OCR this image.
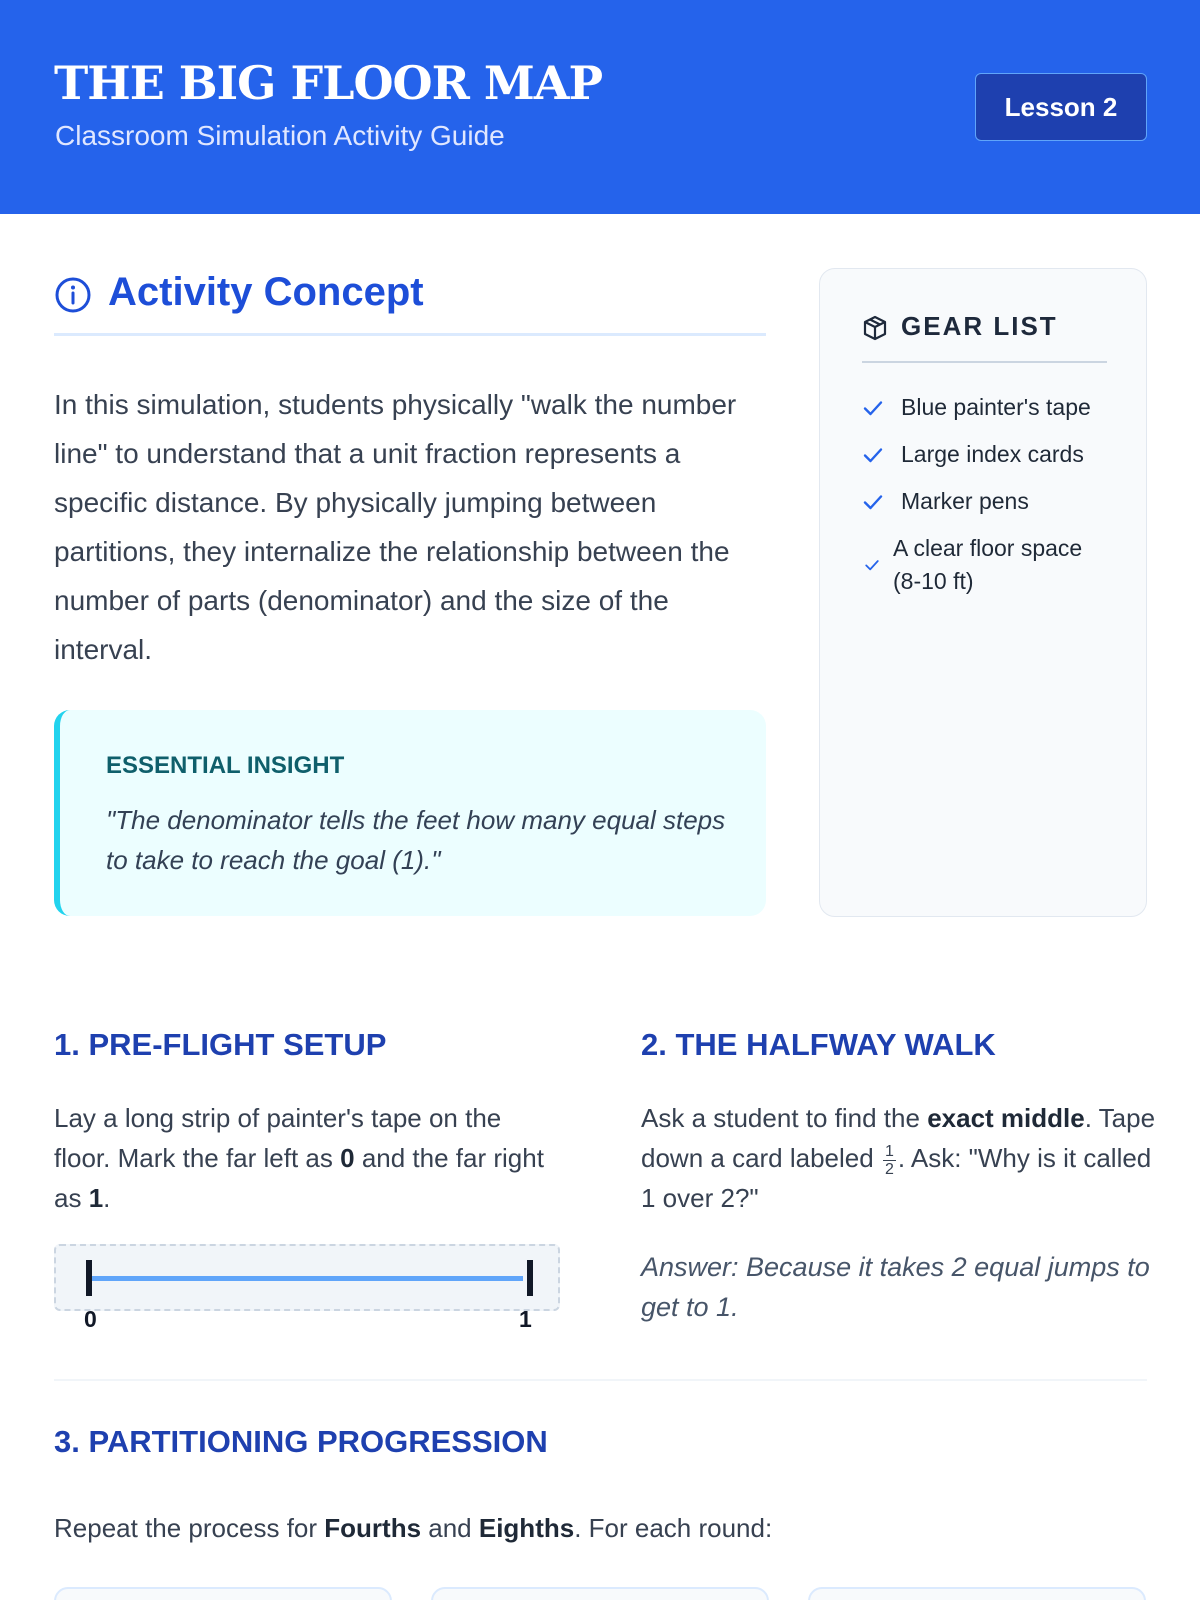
THE BIG FLOOR MAP
Classroom Simulation Activity Guide
Lesson 2
Activity Concept

In this simulation, students physically "walk the number line" to understand that a unit fraction represents a specific distance. By physically jumping between partitions, they internalize the relationship between the number of parts (denominator) and the size of the interval.

ESSENTIAL INSIGHT
"The denominator tells the feet how many equal steps to take to reach the goal (1)."
GEAR LIST
Blue painter's tape
Large index cards
Marker pens
A clear floor space (8-10 ft)
1. PRE-FLIGHT SETUP

Lay a long strip of painter's tape on the floor. Mark the far left as 0 and the far right as 1.

0	1
2. THE HALFWAY WALK

Ask a student to find the exact middle. Tape down a card labeled $\frac{1}{2}$ . Ask: "Why is it called 1 over 2?"

Answer: Because it takes 2 equal jumps to get to 1.

3. PARTITIONING PROGRESSION

Repeat the process for Fourths and Eighths. For each round:
